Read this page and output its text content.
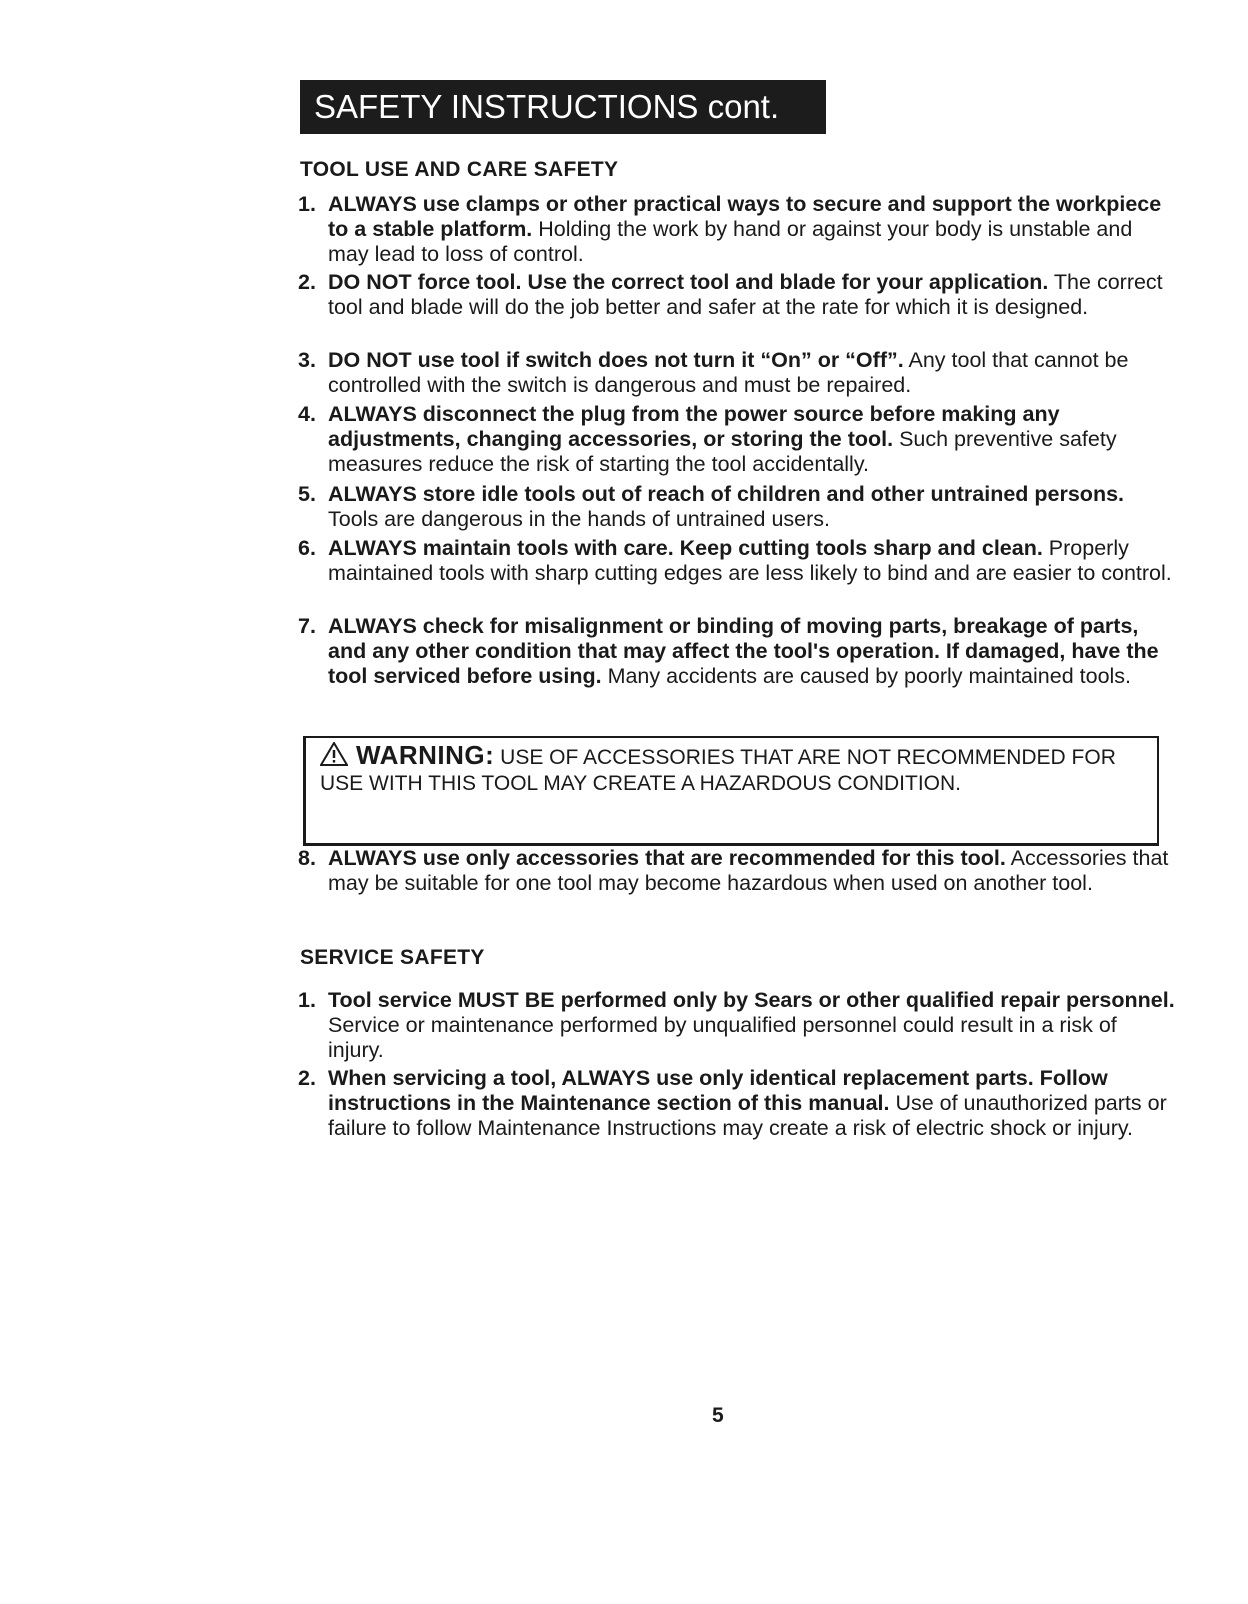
SAFETY INSTRUCTIONS cont.
TOOL USE AND CARE SAFETY
1. ALWAYS use clamps or other practical ways to secure and support the workpiece to a stable platform. Holding the work by hand or against your body is unstable and may lead to loss of control.
2. DO NOT force tool. Use the correct tool and blade for your application. The correct tool and blade will do the job better and safer at the rate for which it is designed.
3. DO NOT use tool if switch does not turn it “On” or “Off”. Any tool that cannot be controlled with the switch is dangerous and must be repaired.
4. ALWAYS disconnect the plug from the power source before making any adjustments, changing accessories, or storing the tool. Such preventive safety measures reduce the risk of starting the tool accidentally.
5. ALWAYS store idle tools out of reach of children and other untrained persons. Tools are dangerous in the hands of untrained users.
6. ALWAYS maintain tools with care. Keep cutting tools sharp and clean. Properly maintained tools with sharp cutting edges are less likely to bind and are easier to control.
7. ALWAYS check for misalignment or binding of moving parts, breakage of parts, and any other condition that may affect the tool's operation. If damaged, have the tool serviced before using. Many accidents are caused by poorly maintained tools.
WARNING: USE OF ACCESSORIES THAT ARE NOT RECOMMENDED FOR USE WITH THIS TOOL MAY CREATE A HAZARDOUS CONDITION.
8. ALWAYS use only accessories that are recommended for this tool. Accessories that may be suitable for one tool may become hazardous when used on another tool.
SERVICE SAFETY
1. Tool service MUST BE performed only by Sears or other qualified repair personnel. Service or maintenance performed by unqualified personnel could result in a risk of injury.
2. When servicing a tool, ALWAYS use only identical replacement parts. Follow instructions in the Maintenance section of this manual. Use of unauthorized parts or failure to follow Maintenance Instructions may create a risk of electric shock or injury.
5
